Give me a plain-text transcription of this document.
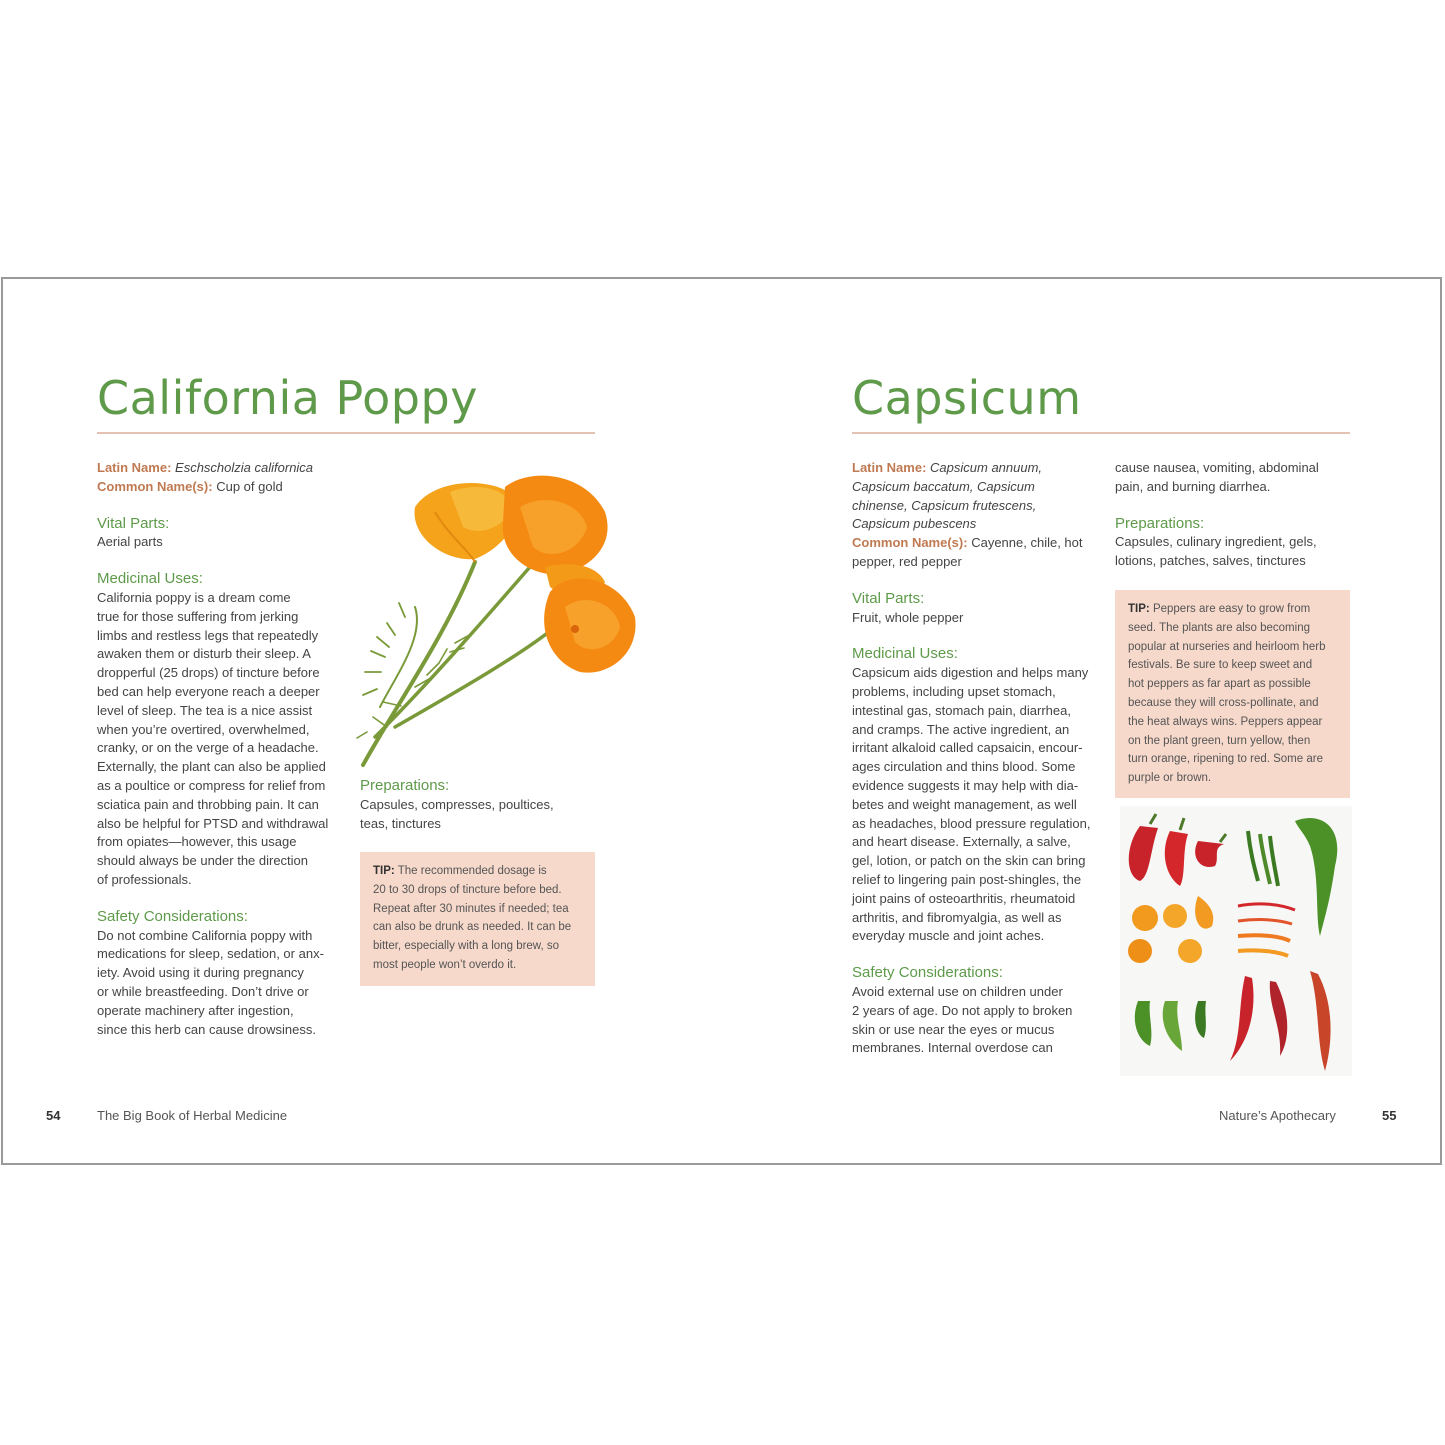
California Poppy

Latin Name: Eschscholzia californica

Common Name(s): Cup of gold

Vital Parts:

Aerial parts

Medicinal Uses:

California poppy is a dream come

true for those suffering from jerking

limbs and restless legs that repeatedly

awaken them or disturb their sleep. A

dropperful (25 drops) of tincture before

bed can help everyone reach a deeper

level of sleep. The tea is a nice assist

when you’re overtired, overwhelmed,

cranky, or on the verge of a headache.

Externally, the plant can also be applied

as a poultice or compress for relief from

sciatica pain and throbbing pain. It can

also be helpful for PTSD and withdrawal

from opiates—however, this usage

should always be under the direction

of professionals.

Safety Considerations:

Do not combine California poppy with

medications for sleep, sedation, or anx-

iety. Avoid using it during pregnancy

or while breastfeeding. Don’t drive or

operate machinery after ingestion,

since this herb can cause drowsiness.

Preparations:

Capsules, compresses, poultices,

teas, tinctures

TIP: The recommended dosage is

20 to 30 drops of tincture before bed.

Repeat after 30 minutes if needed; tea

can also be drunk as needed. It can be

bitter, especially with a long brew, so

most people won’t overdo it.

54	The Big Book of Herbal Medicine
Capsicum

Latin Name: Capsicum annuum,

Capsicum baccatum, Capsicum

chinense, Capsicum frutescens,

Capsicum pubescens

Common Name(s): Cayenne, chile, hot

pepper, red pepper

Vital Parts:

Fruit, whole pepper

Medicinal Uses:

Capsicum aids digestion and helps many

problems, including upset stomach,

intestinal gas, stomach pain, diarrhea,

and cramps. The active ingredient, an

irritant alkaloid called capsaicin, encour-

ages circulation and thins blood. Some

evidence suggests it may help with dia-

betes and weight management, as well

as headaches, blood pressure regulation,

and heart disease. Externally, a salve,

gel, lotion, or patch on the skin can bring

relief to lingering pain post-shingles, the

joint pains of osteoarthritis, rheumatoid

arthritis, and fibromyalgia, as well as

everyday muscle and joint aches.

Safety Considerations:

Avoid external use on children under

2 years of age. Do not apply to broken

skin or use near the eyes or mucus

membranes. Internal overdose can

cause nausea, vomiting, abdominal

pain, and burning diarrhea.

Preparations:

Capsules, culinary ingredient, gels,

lotions, patches, salves, tinctures

TIP: Peppers are easy to grow from

seed. The plants are also becoming

popular at nurseries and heirloom herb

festivals. Be sure to keep sweet and

hot peppers as far apart as possible

because they will cross-pollinate, and

the heat always wins. Peppers appear

on the plant green, turn yellow, then

turn orange, ripening to red. Some are

purple or brown.

Nature’s Apothecary	55
